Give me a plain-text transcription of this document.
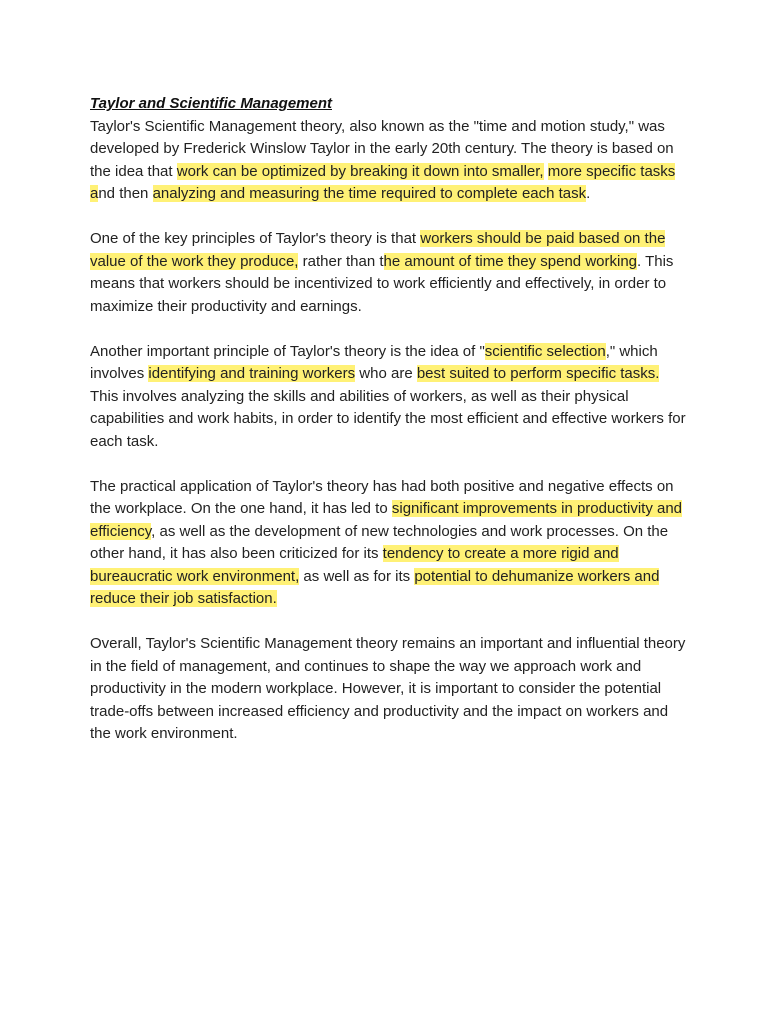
Taylor and Scientific Management

Taylor's Scientific Management theory, also known as the "time and motion study," was developed by Frederick Winslow Taylor in the early 20th century. The theory is based on the idea that work can be optimized by breaking it down into smaller, more specific tasks and then analyzing and measuring the time required to complete each task.

One of the key principles of Taylor's theory is that workers should be paid based on the value of the work they produce, rather than the amount of time they spend working. This means that workers should be incentivized to work efficiently and effectively, in order to maximize their productivity and earnings.

Another important principle of Taylor's theory is the idea of "scientific selection," which involves identifying and training workers who are best suited to perform specific tasks. This involves analyzing the skills and abilities of workers, as well as their physical capabilities and work habits, in order to identify the most efficient and effective workers for each task.

The practical application of Taylor's theory has had both positive and negative effects on the workplace. On the one hand, it has led to significant improvements in productivity and efficiency, as well as the development of new technologies and work processes. On the other hand, it has also been criticized for its tendency to create a more rigid and bureaucratic work environment, as well as for its potential to dehumanize workers and reduce their job satisfaction.

Overall, Taylor's Scientific Management theory remains an important and influential theory in the field of management, and continues to shape the way we approach work and productivity in the modern workplace. However, it is important to consider the potential trade-offs between increased efficiency and productivity and the impact on workers and the work environment.
